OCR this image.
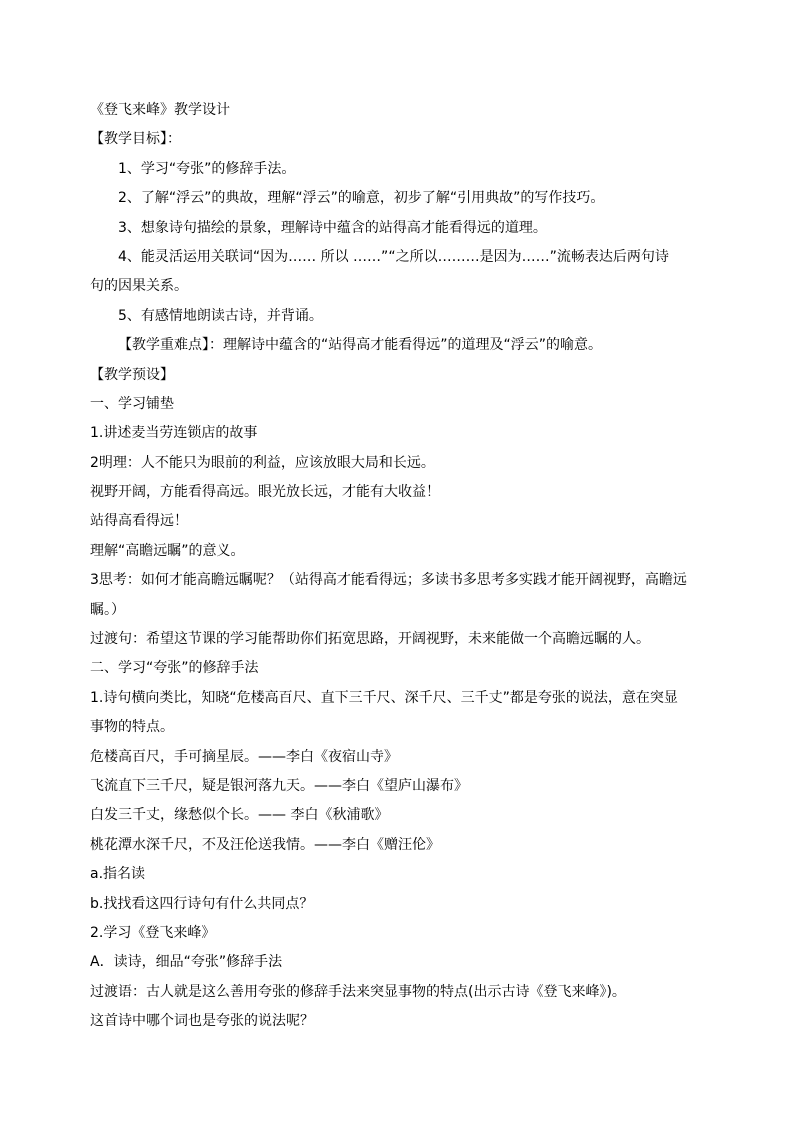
《登飞来峰》教学设计
【教学目标】：
1、学习“夸张”的修辞手法。
2、了解“浮云”的典故，理解“浮云”的喻意，初步了解“引用典故”的写作技巧。
3、想象诗句描绘的景象，理解诗中蕴含的站得高才能看得远的道理。
4、能灵活运用关联词“因为…… 所以 ……”“之所以………是因为……”流畅表达后两句诗
句的因果关系。
5、有感情地朗读古诗，并背诵。
【教学重难点】：理解诗中蕴含的“站得高才能看得远”的道理及“浮云”的喻意。
【教学预设】
一、学习铺垫
1.讲述麦当劳连锁店的故事
2明理：人不能只为眼前的利益，应该放眼大局和长远。
视野开阔，方能看得高远。眼光放长远，才能有大收益！
站得高看得远！
理解“高瞻远瞩”的意义。
3思考：如何才能高瞻远瞩呢？（站得高才能看得远；多读书多思考多实践才能开阔视野，高瞻远
瞩。）
过渡句：希望这节课的学习能帮助你们拓宽思路，开阔视野，未来能做一个高瞻远瞩的人。
二、学习“夸张”的修辞手法
1.诗句横向类比，知晓“危楼高百尺、直下三千尺、深千尺、三千丈”都是夸张的说法，意在突显
事物的特点。
危楼高百尺，手可摘星辰。——李白《夜宿山寺》
飞流直下三千尺，疑是银河落九天。——李白《望庐山瀑布》
白发三千丈，缘愁似个长。—— 李白《秋浦歌》
桃花潭水深千尺，不及汪伦送我情。——李白《赠汪伦》
a.指名读
b.找找看这四行诗句有什么共同点？
2.学习《登飞来峰》
A．读诗，细品“夸张”修辞手法
过渡语：古人就是这么善用夸张的修辞手法来突显事物的特点(出示古诗《登飞来峰》)。
这首诗中哪个词也是夸张的说法呢？
